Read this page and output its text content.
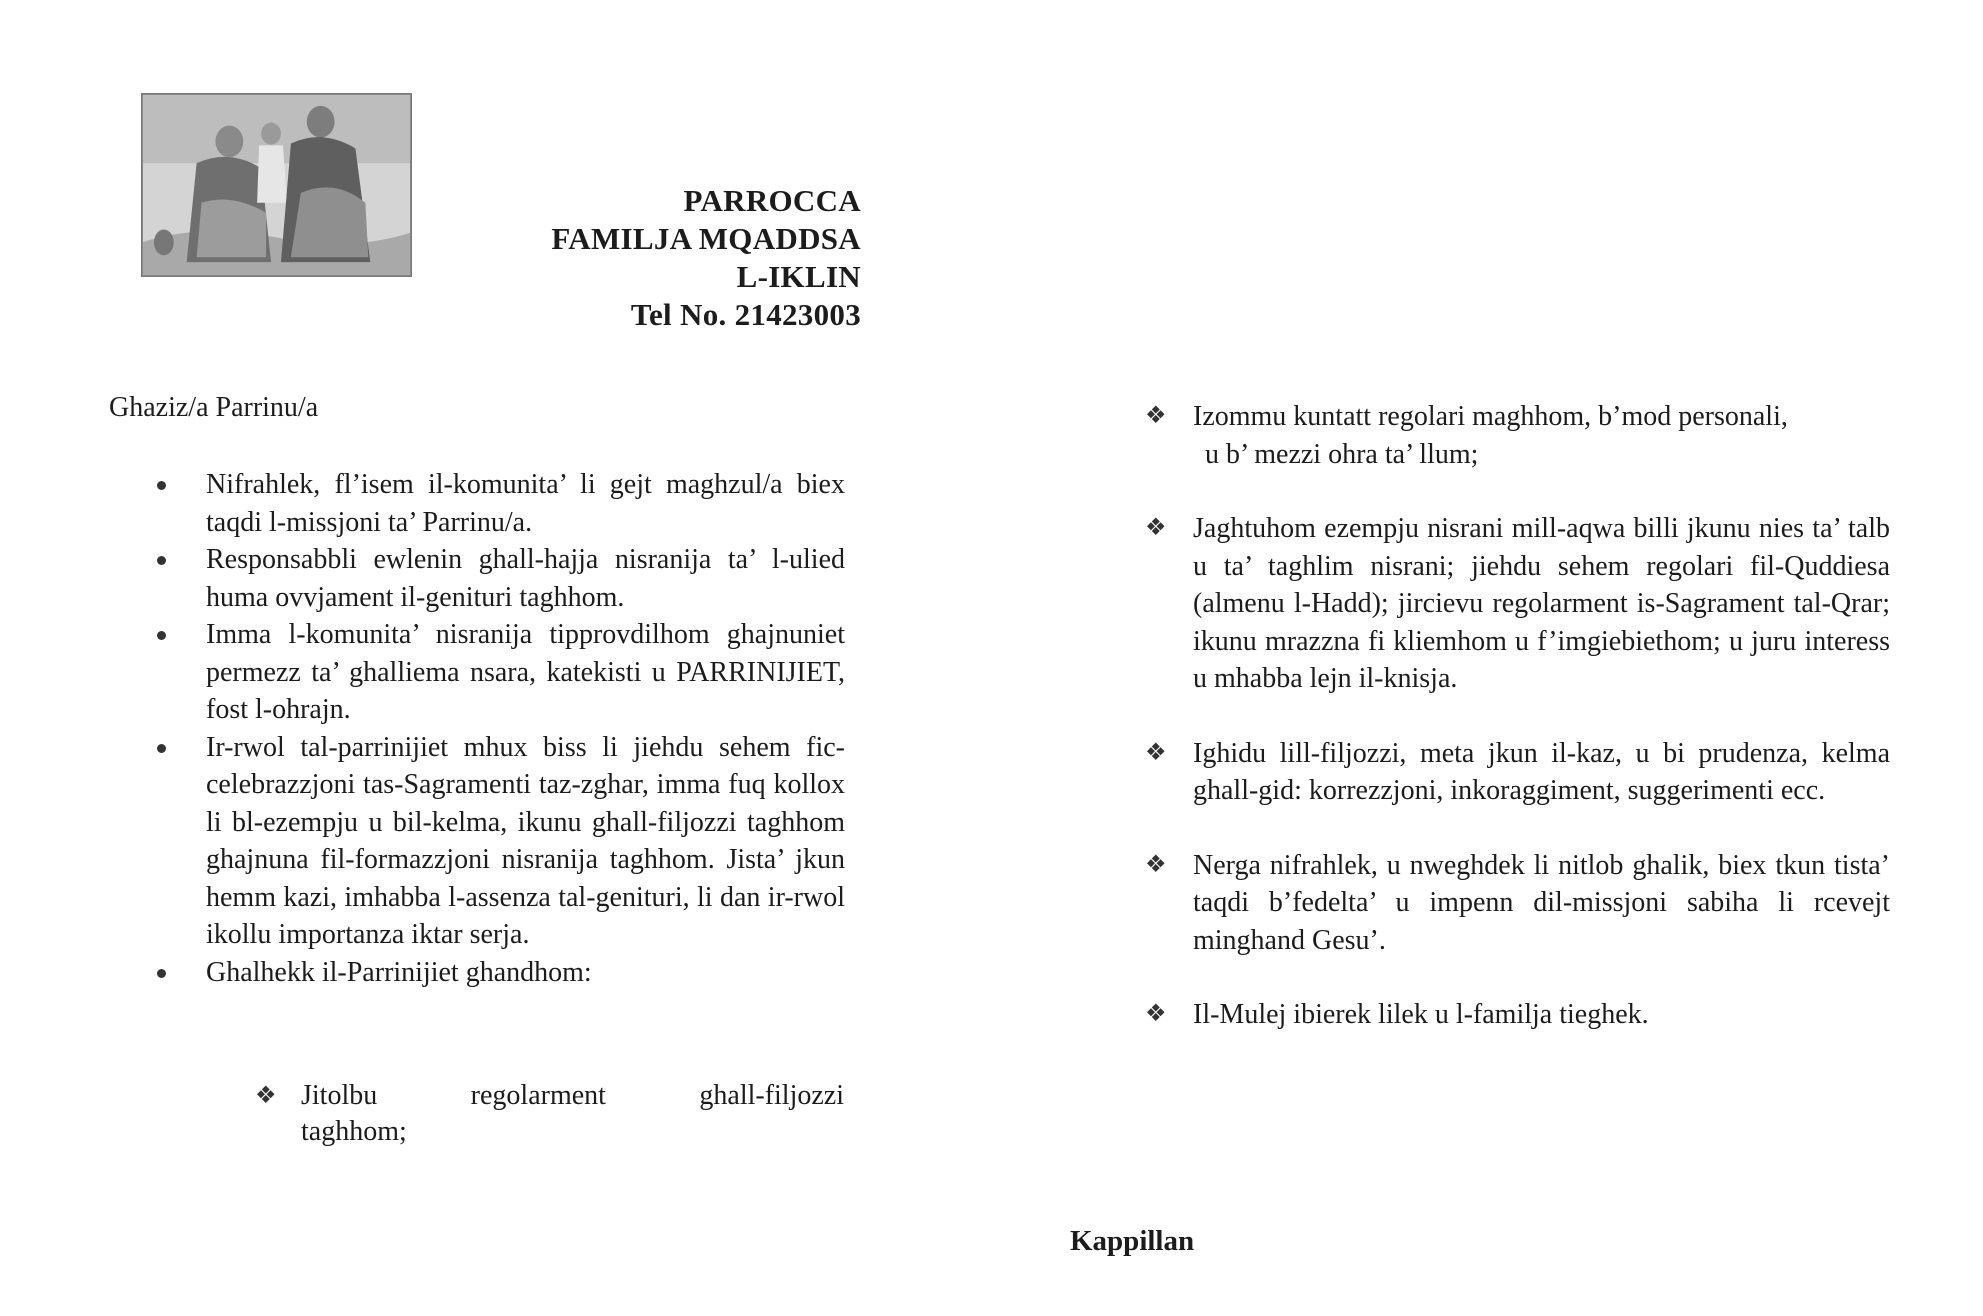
PARROCCA
FAMILJA MQADDSA
L-IKLIN
Tel No. 21423003
Ghaziz/a Parrinu/a
Nifrahlek, fl’isem il-komunita’ li gejt maghzul/a biex taqdi l-missjoni ta’ Parrinu/a.
Responsabbli ewlenin ghall-hajja nisranija ta’ l-ulied huma ovvjament il-genituri taghhom.
Imma l-komunita’ nisranija tipprovdilhom ghajnuniet permezz ta’ ghalliema nsara, katekisti u PARRINIJIET, fost l-ohrajn.
Ir-rwol tal-parrinijiet mhux biss li jiehdu sehem fic-celebrazzjoni tas-Sagramenti taz-zghar, imma fuq kollox li bl-ezempju u bil-kelma, ikunu ghall-filjozzi taghhom ghajnuna fil-formazzjoni nisranija taghhom. Jista’ jkun hemm kazi, imhabba l-assenza tal-genituri, li dan ir-rwol ikollu importanza iktar serja.
Ghalhekk il-Parrinijiet ghandhom:
❖ Jitolbu	regolarment	ghall-filjozzi
taghhom;
❖ Izommu kuntatt regolari maghhom, b’mod personali,
u b’ mezzi ohra ta’ llum;
❖ Jaghtuhom ezempju nisrani mill-aqwa billi jkunu nies ta’ talb u ta’ taghlim nisrani; jiehdu sehem regolari fil-Quddiesa (almenu l-Hadd); jircievu regolarment is-Sagrament tal-Qrar; ikunu mrazzna fi kliemhom u f’imgiebiethom; u juru interess u mhabba lejn il-knisja.
❖ Ighidu lill-filjozzi, meta jkun il-kaz, u bi prudenza, kelma ghall-gid: korrezzjoni, inkoraggiment, suggerimenti ecc.
❖ Nerga nifrahlek, u nweghdek li nitlob ghalik, biex tkun tista’ taqdi b’fedelta’ u impenn dil-missjoni sabiha li rcevejt minghand Gesu’.
❖ Il-Mulej ibierek lilek u l-familja tieghek.
Kappillan
